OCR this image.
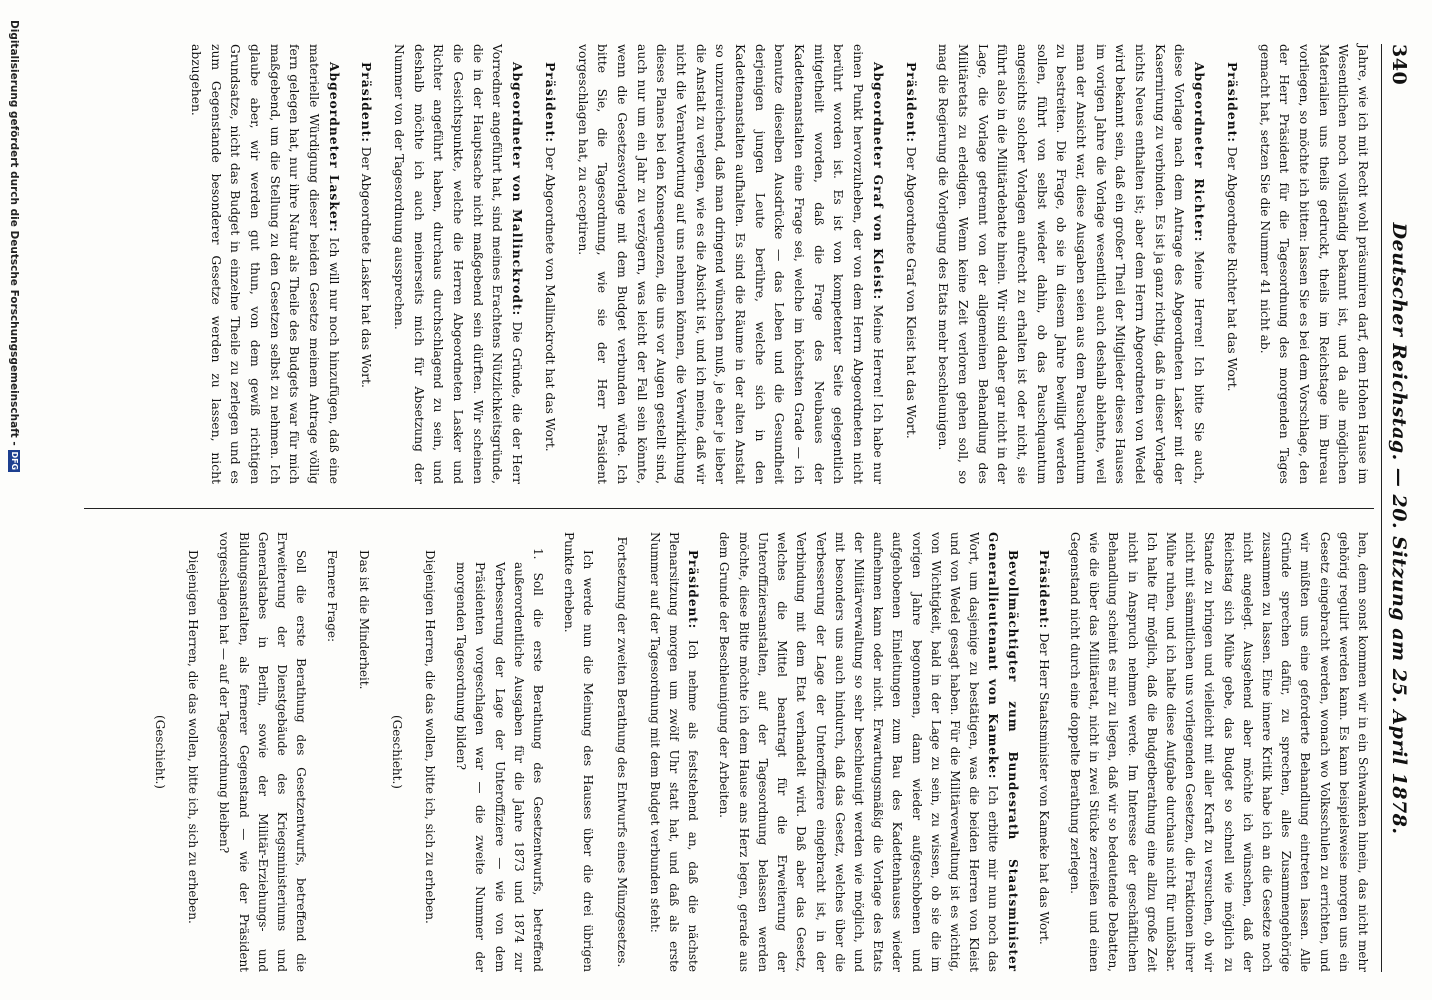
340
Deutscher Reichstag. — 20. Sitzung am 25. April 1878.

Jahre, wie ich mit Recht wohl präsumiren darf, dem Hohen Hause im Wesentlichen noch vollständig bekannt ist, und da alle möglichen Materialien uns theils gedruckt, theils im Reichstage im Bureau vorliegen, so möchte ich bitten: lassen Sie es bei dem Vorschlage, den der Herr Präsident für die Tagesordnung des morgenden Tages gemacht hat, setzen Sie die Nummer 41 nicht ab.

Präsident: Der Abgeordnete Richter hat das Wort.

Abgeordneter Richter: Meine Herren! Ich bitte Sie auch, diese Vorlage nach dem Antrage des Abgeordneten Lasker mit der Kasernirung zu verbinden. Es ist ja ganz richtig, daß in dieser Vorlage nichts Neues enthalten ist; aber dem Herrn Abgeordneten von Wedel wird bekannt sein, daß ein großer Theil der Mitglieder dieses Hauses im vorigen Jahre die Vorlage wesentlich auch deshalb ablehnte, weil man der Ansicht war, diese Ausgaben seien aus dem Pauschquantum zu bestreiten. Die Frage, ob sie in diesem Jahre bewilligt werden sollen, führt von selbst wieder dahin, ob das Pauschquantum angesichts solcher Vorlagen aufrecht zu erhalten ist oder nicht, sie führt also in die Militärdebatte hinein. Wir sind daher gar nicht in der Lage, die Vorlage getrennt von der allgemeinen Behandlung des Militäretats zu erledigen. Wenn keine Zeit verloren gehen soll, so mag die Regierung die Vorlegung des Etats mehr beschleunigen.

Präsident: Der Abgeordnete Graf von Kleist hat das Wort.

Abgeordneter Graf von Kleist: Meine Herren! Ich habe nur einen Punkt hervorzuheben, der von dem Herrn Abgeordneten nicht berührt worden ist. Es ist von kompetenter Seite gelegentlich mitgetheilt worden, daß die Frage des Neubaues der Kadettenanstalten eine Frage sei, welche im höchsten Grade — ich benutze dieselben Ausdrücke — das Leben und die Gesundheit derjenigen jungen Leute berühre, welche sich in den Kadettenanstalten aufhalten. Es sind die Räume in der alten Anstalt so unzureichend, daß man dringend wünschen muß, je eher je lieber die Anstalt zu verlegen, wie es die Absicht ist, und ich meine, daß wir nicht die Verantwortung auf uns nehmen können, die Verwirklichung dieses Planes bei den Konsequenzen, die uns vor Augen gestellt sind, auch nur um ein Jahr zu verzögern, was leicht der Fall sein könnte, wenn die Gesetzesvorlage mit dem Budget verbunden würde. Ich bitte Sie, die Tagesordnung, wie sie der Herr Präsident vorgeschlagen hat, zu acceptiren.

Präsident: Der Abgeordnete von Mallinckrodt hat das Wort.

Abgeordneter von Mallinckrodt: Die Gründe, die der Herr Vorredner angeführt hat, sind meines Erachtens Nützlichkeitsgründe, die in der Hauptsache nicht maßgebend sein dürften. Wir scheinen die Gesichtspunkte, welche die Herren Abgeordneten Lasker und Richter angeführt haben, durchaus durchschlagend zu sein, und deshalb möchte ich auch meinerseits mich für Absetzung der Nummer von der Tagesordnung aussprechen.

Präsident: Der Abgeordnete Lasker hat das Wort.

Abgeordneter Lasker: Ich will nur noch hinzufügen, daß eine materielle Würdigung dieser beiden Gesetze meinem Antrage völlig fern gelegen hat, nur ihre Natur als Theile des Budgets war für mich maßgebend, um die Stellung zu den Gesetzen selbst zu nehmen. Ich glaube aber, wir werden gut thun, von dem gewiß richtigen Grundsatze, nicht das Budget in einzelne Theile zu zerlegen und es zum Gegenstande besonderer Gesetze werden zu lassen, nicht abzugehen.

hen, denn sonst kommen wir in ein Schwanken hinein, das nicht mehr gehörig regulirt werden kann. Es kann beispielsweise morgen uns ein Gesetz eingebracht werden, wonach wo Volksschulen zu errichten, und wir müßten uns eine geforderte Behandlung eintreten lassen. Alle Gründe sprechen dafür, zu sprechen, alles Zusammengehörige zusammen zu lassen. Eine innere Kritik habe ich an die Gesetze noch nicht angelegt. Ausgehend aber möchte ich wünschen, daß der Reichstag sich Mühe gebe, das Budget so schnell wie möglich zu Stande zu bringen und vielleicht mit aller Kraft zu versuchen, ob wir nicht mit sämmtlichen uns vorliegenden Gesetzen, die Fraktionen ihrer Mühe ruhen, und ich halte diese Aufgabe durchaus nicht für unlösbar. Ich halte für möglich, daß die Budgetberathung eine allzu große Zeit nicht in Anspruch nehmen werde. Im Interesse der geschäftlichen Behandlung scheint es mir zu liegen, daß wir so bedeutende Debatten, wie die über das Militäretat, nicht in zwei Stücke zerreißen und einen Gegenstand nicht durch eine doppelte Berathung zerlegen.

Präsident: Der Herr Staatsminister von Kameke hat das Wort.

Bevollmächtigter zum Bundesrath Staatsminister Generallieutenant von Kameke: Ich erbitte mir nun noch das Wort, um dasjenige zu bestätigen, was die beiden Herren von Kleist und von Wedel gesagt haben. Für die Militärverwaltung ist es wichtig, von Wichtigkeit, bald in der Lage zu sein, zu wissen, ob sie die im vorigen Jahre begonnenen, dann wieder aufgeschobenen und aufgehobenen Einleitungen zum Bau des Kadettenhauses wieder aufnehmen kann oder nicht. Erwartungsmäßig die Vorlage des Etats der Militärverwaltung so sehr beschleunigt werden wie möglich, und mit besonders uns auch hindurch, daß das Gesetz, welches über die Verbesserung der Lage der Unteroffiziere eingebracht ist, in der Verbindung mit dem Etat verhandelt wird. Daß aber das Gesetz, welches die Mittel beantragt für die Erweiterung der Unteroffiziersanstalten, auf der Tagesordnung belassen werden möchte, diese Bitte möchte ich dem Hause ans Herz legen, gerade aus dem Grunde der Beschleunigung der Arbeiten.

Präsident: Ich nehme als feststehend an, daß die nächste Plenarsitzung morgen um zwölf Uhr statt hat, und daß als erste Nummer auf der Tagesordnung mit dem Budget verbunden steht:

Fortsetzung der zweiten Berathung des Entwurfs eines Münzgesetzes.

Ich werde nun die Meinung des Hauses über die drei übrigen Punkte erheben.

1. Soll die erste Berathung des Gesetzentwurfs, betreffend außerordentliche Ausgaben für die Jahre 1873 und 1874 zur Verbesserung der Lage der Unteroffiziere — wie von dem Präsidenten vorgeschlagen war — die zweite Nummer der morgenden Tagesordnung bilden?

Diejenigen Herren, die das wollen, bitte ich, sich zu erheben.

(Geschieht.)

Das ist die Minderheit.

Fernere Frage:

Soll die erste Berathung des Gesetzentwurfs, betreffend die Erweiterung der Dienstgebäude des Kriegsministeriums und Generalstabes in Berlin, sowie der Militär-Erziehungs- und Bildungsanstalten, als fernerer Gegenstand — wie der Präsident vorgeschlagen hat — auf der Tagesordnung bleiben?

Diejenigen Herren, die das wollen, bitte ich, sich zu erheben.

(Geschieht.)

Digitalisierung gefördert durch die Deutsche Forschungsgemeinschaft -
DFG
